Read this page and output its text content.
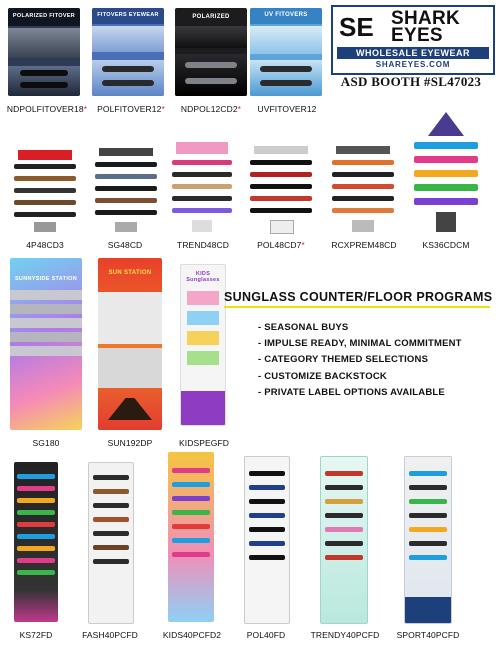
POLARIZED FITOVER	FITOVERS EYEWEAR	POLARIZED	UV FITOVERS
NDPOLFITOVER18*	POLFITOVER12*	NDPOL12CD2*	UVFITOVER12
SE SHARK
EYES
WHOLESALE EYEWEAR
SHAREYES.COM
ASD BOOTH #SL47023
4P48CD3	SG48CD	TREND48CD	POL48CD7*	RCXPREM48CD	KS36CDCM
SUNNYSIDE STATION
SUN STATION	KIDS Sunglasses
SG180	SUN192DP	KIDSPEGFD
SUNGLASS COUNTER/FLOOR PROGRAMS
- SEASONAL BUYS
- IMPULSE READY, MINIMAL COMMITMENT
- CATEGORY THEMED SELECTIONS
- CUSTOMIZE BACKSTOCK
- PRIVATE LABEL OPTIONS AVAILABLE
KS72FD	FASH40PCFD	KIDS40PCFD2	POL40FD	TRENDY40PCFD	SPORT40PCFD
